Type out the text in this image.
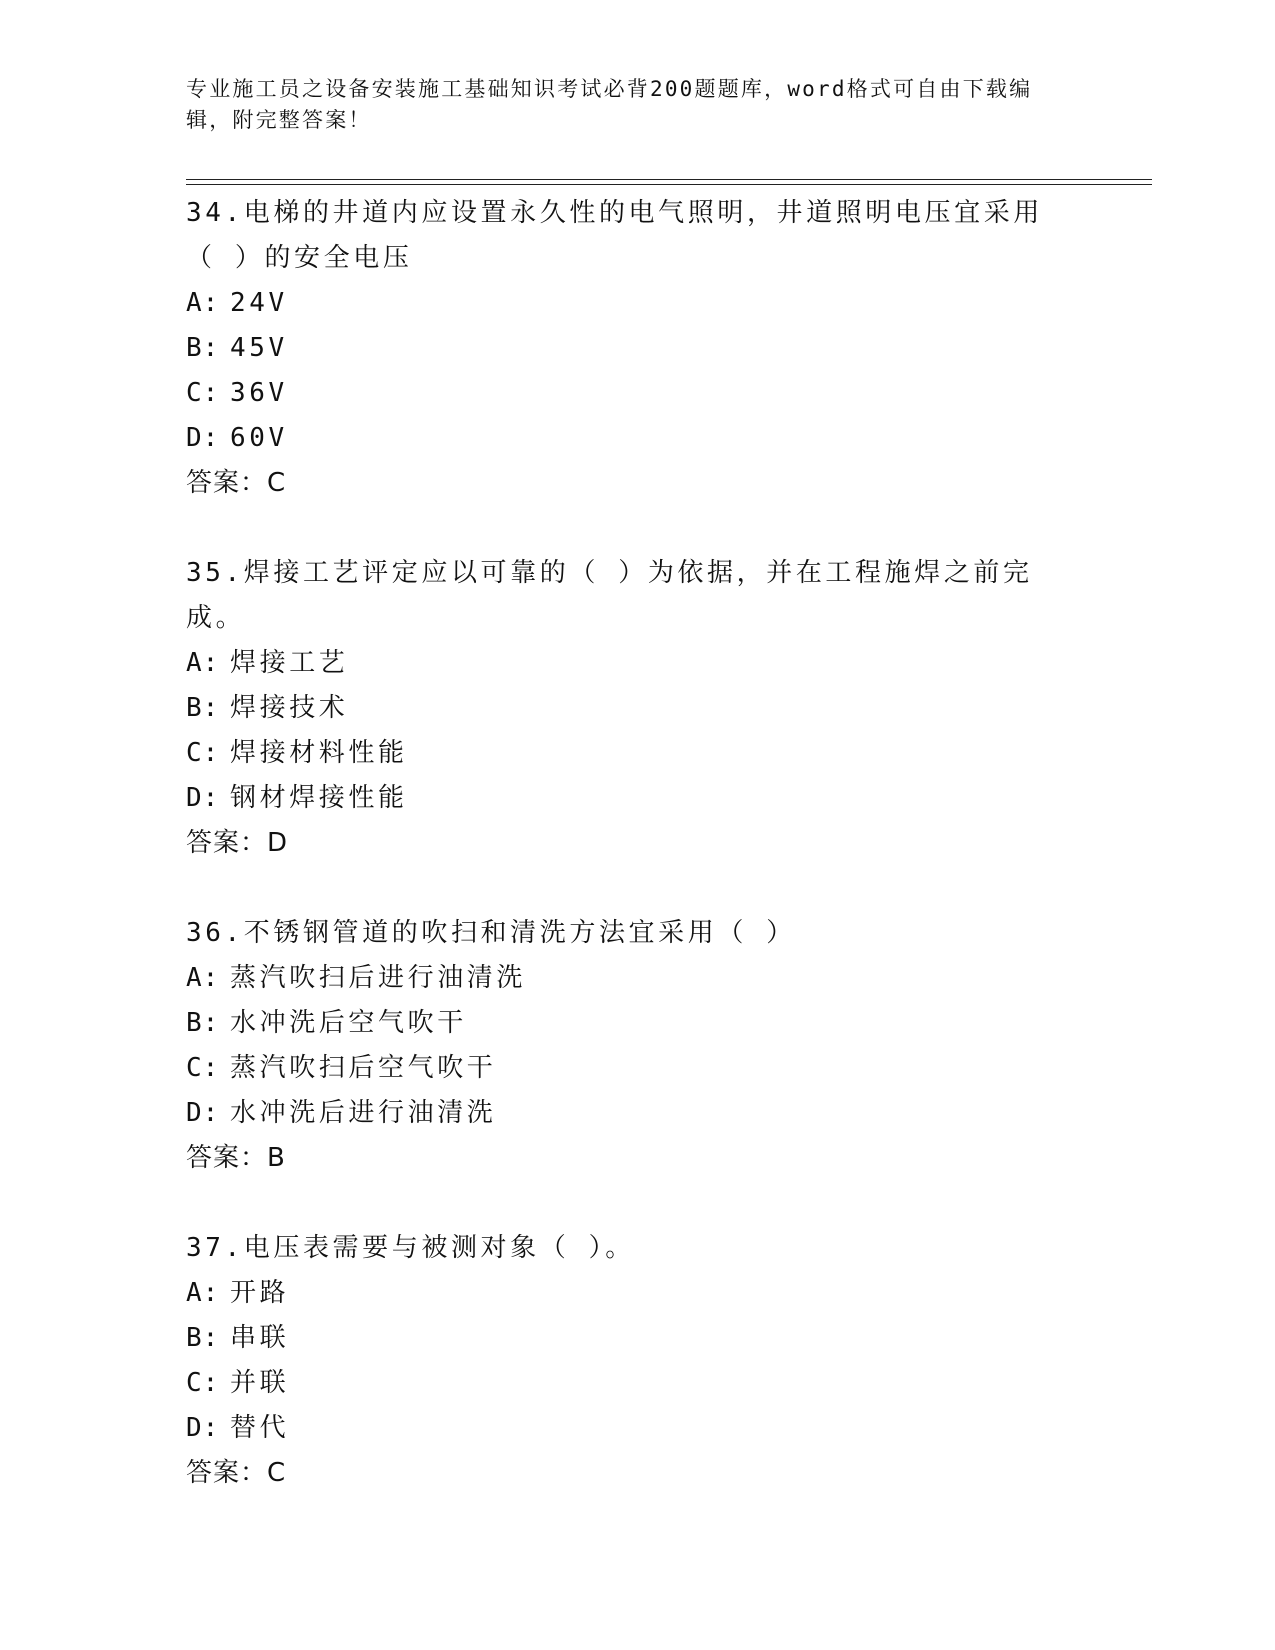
专业施工员之设备安装施工基础知识考试必背200题题库，word格式可自由下载编辑，附完整答案！
34.电梯的井道内应设置永久性的电气照明，井道照明电压宜采用（ ）的安全电压
A: 24V
B: 45V
C: 36V
D: 60V
答案：C
35.焊接工艺评定应以可靠的（ ）为依据，并在工程施焊之前完成。
A: 焊接工艺
B: 焊接技术
C: 焊接材料性能
D: 钢材焊接性能
答案：D
36.不锈钢管道的吹扫和清洗方法宜采用（ ）
A: 蒸汽吹扫后进行油清洗
B: 水冲洗后空气吹干
C: 蒸汽吹扫后空气吹干
D: 水冲洗后进行油清洗
答案：B
37.电压表需要与被测对象（ ）。
A: 开路
B: 串联
C: 并联
D: 替代
答案：C
